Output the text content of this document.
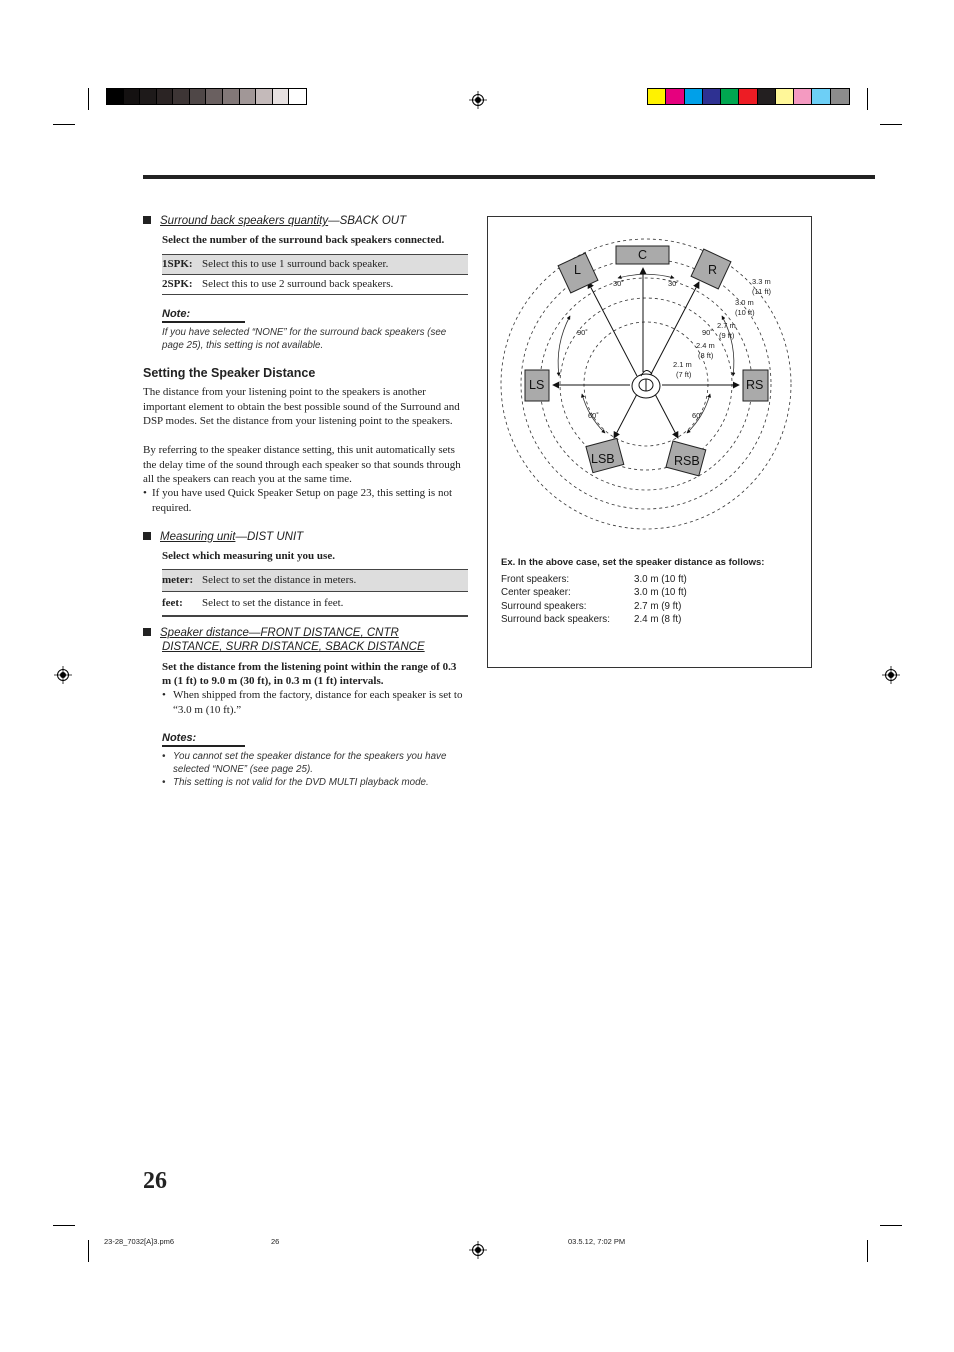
Surround back speakers quantity—SBACK OUT
Select the number of the surround back speakers connected.
1SPK:	Select this to use 1 surround back speaker.
2SPK:	Select this to use 2 surround back speakers.
Note:
If you have selected “NONE” for the surround back speakers (see page 25), this setting is not available.
Setting the Speaker Distance
The distance from your listening point to the speakers is another important element to obtain the best possible sound of the Surround and DSP modes. Set the distance from your listening point to the speakers.
By referring to the speaker distance setting, this unit automatically sets the delay time of the sound through each speaker so that sounds through all the speakers can reach you at the same time.
• If you have used Quick Speaker Setup on page 23, this setting is not required.
Measuring unit—DIST UNIT
Select which measuring unit you use.
meter:	Select to set the distance in meters.
feet:	Select to set the distance in feet.
Speaker distance—FRONT DISTANCE, CNTR
DISTANCE, SURR DISTANCE, SBACK DISTANCE
Set the distance from the listening point within the range of 0.3 m (1 ft) to 9.0 m (30 ft), in 0.3 m (1 ft) intervals.
• When shipped from the factory, distance for each speaker is set to “3.0 m (10 ft).”
Notes:
• You cannot set the speaker distance for the speakers you have selected “NONE” (see page 25).
• This setting is not valid for the DVD MULTI playback mode.
C
L	R
LS	RS
LSB	RSB
30˚	30˚
90˚	90˚
60˚	60˚
3.3 m
(11 ft)
3.0 m
(10 ft)
2.7 m
(9 ft)
2.4 m
(8 ft)
2.1 m
(7 ft)
Ex. In the above case, set the speaker distance as follows:
Front speakers:	3.0 m (10 ft)
Center speaker:	3.0 m (10 ft)
Surround speakers:	2.7 m (9 ft)
Surround back speakers: 2.4 m (8 ft)
26
23-28_7032[A]3.pm6	26	03.5.12, 7:02 PM
